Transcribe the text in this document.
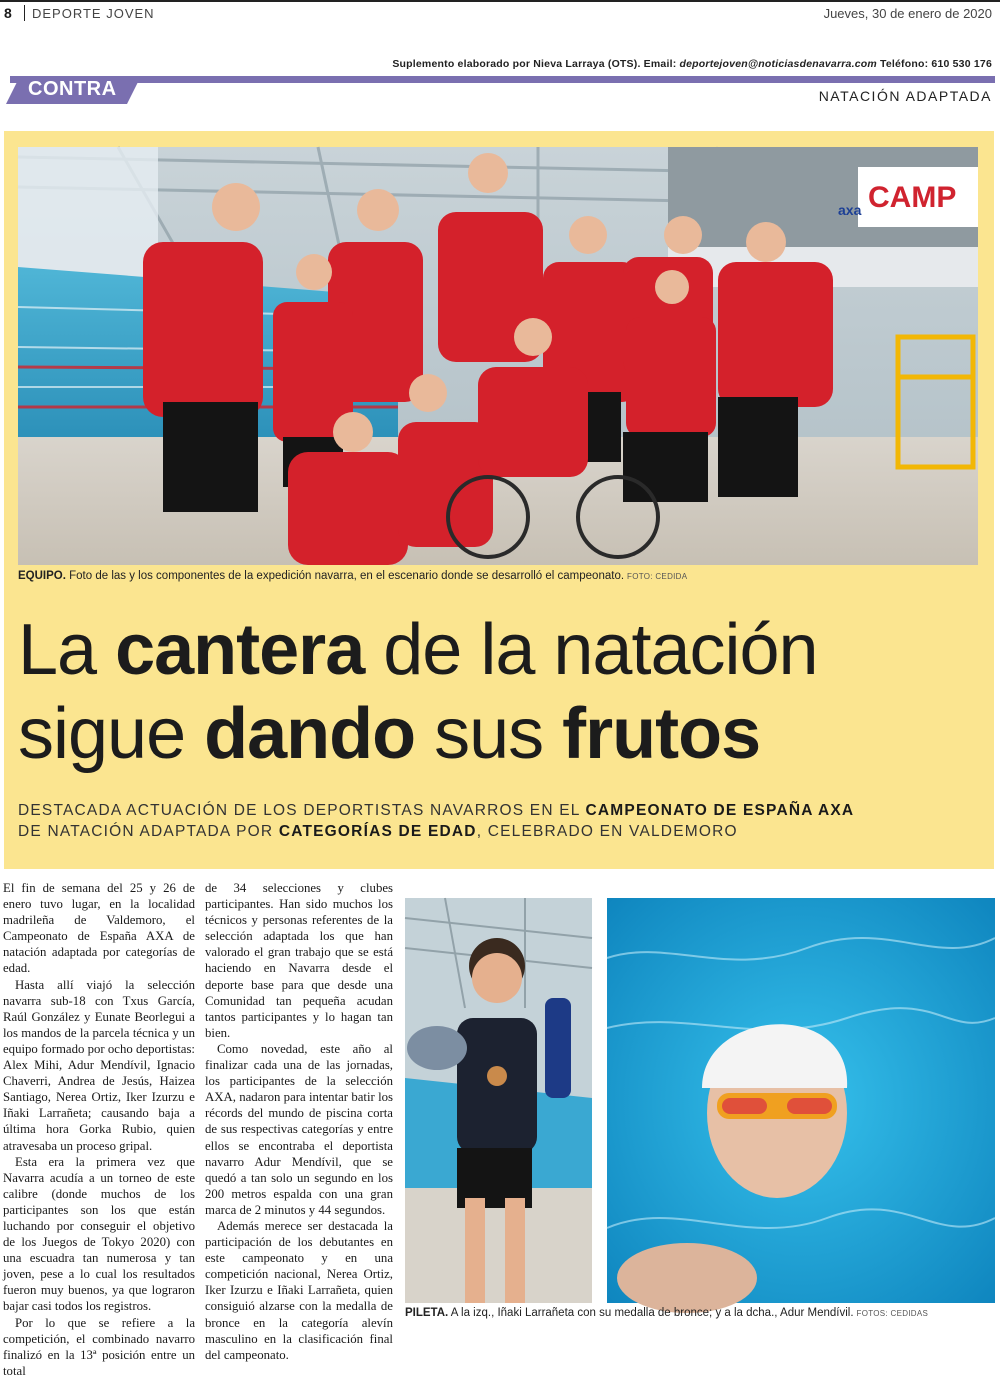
8 DEPORTE JOVEN	Jueves, 30 de enero de 2020
Suplemento elaborado por Nieva Larraya (OTS). Email: deportejoven@noticiasdenavarra.com Teléfono: 610 530 176
CONTRA	NATACIÓN ADAPTADA
CAMP
axa
EQUIPO. Foto de las y los componentes de la expedición navarra, en el escenario donde se desarrolló el campeonato. FOTO: CEDIDA
La cantera de la natación
sigue dando sus frutos
DESTACADA ACTUACIÓN DE LOS DEPORTISTAS NAVARROS EN EL CAMPEONATO DE ESPAÑA AXA
DE NATACIÓN ADAPTADA POR CATEGORÍAS DE EDAD, CELEBRADO EN VALDEMORO

El fin de semana del 25 y 26 de enero tuvo lugar, en la localidad madrileña de Valdemoro, el Campeonato de España AXA de natación adaptada por categorías de edad.

Hasta allí viajó la selección navarra sub-18 con Txus García, Raúl González y Eunate Beorlegui a los mandos de la parcela técnica y un equipo formado por ocho deportistas: Alex Mihi, Adur Mendívil, Ignacio Chaverri, Andrea de Jesús, Haizea Santiago, Nerea Ortiz, Iker Izurzu e Iñaki Larrañeta; causando baja a última hora Gorka Rubio, quien atravesaba un proceso gripal.

Esta era la primera vez que Navarra acudía a un torneo de este calibre (donde muchos de los participantes son los que están luchando por conseguir el objetivo de los Juegos de Tokyo 2020) con una escuadra tan numerosa y tan joven, pese a lo cual los resultados fueron muy buenos, ya que lograron bajar casi todos los registros.

Por lo que se refiere a la competición, el combinado navarro finalizó en la 13ª posición entre un total

de 34 selecciones y clubes participantes. Han sido muchos los técnicos y personas referentes de la selección adaptada los que han valorado el gran trabajo que se está haciendo en Navarra desde el deporte base para que desde una Comunidad tan pequeña acudan tantos participantes y lo hagan tan bien.

Como novedad, este año al finalizar cada una de las jornadas, los participantes de la selección AXA, nadaron para intentar batir los récords del mundo de piscina corta de sus respectivas categorías y entre ellos se encontraba el deportista navarro Adur Mendívil, que se quedó a tan solo un segundo en los 200 metros espalda con una gran marca de 2 minutos y 44 segundos.

Además merece ser destacada la participación de los debutantes en este campeonato y en una competición nacional, Nerea Ortiz, Iker Izurzu e Iñaki Larrañeta, quien consiguió alzarse con la medalla de bronce en la categoría alevín masculino en la clasificación final del campeonato.

PILETA. A la izq., Iñaki Larrañeta con su medalla de bronce; y a la dcha., Adur Mendívil. FOTOS: CEDIDAS
